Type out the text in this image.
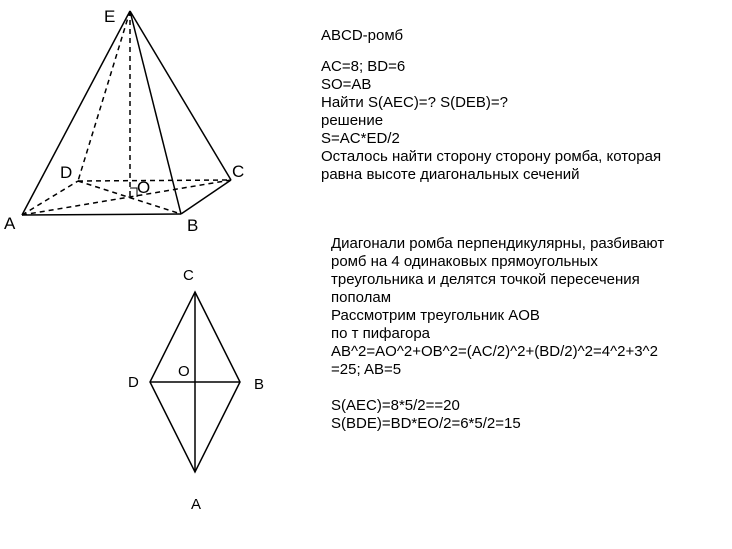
E
D	C
A	B
O
C
D
O
B
A
ABCD-ромб
AC=8; BD=6
SO=AB
Найти S(AEC)=? S(DEB)=?
решение
S=AC*ED/2
Осталось найти сторону сторону ромба, которая
равна высоте диагональных сечений
Диагонали ромба перпендикулярны, разбивают
ромб на 4 одинаковых прямоугольных
треугольника и делятся точкой пересечения
пополам
Рассмотрим треугольник AOB
по т пифагора
AB^2=AO^2+OB^2=(AC/2)^2+(BD/2)^2=4^2+3^2
=25; AB=5
S(AEC)=8*5/2==20
S(BDE)=BD*EO/2=6*5/2=15
